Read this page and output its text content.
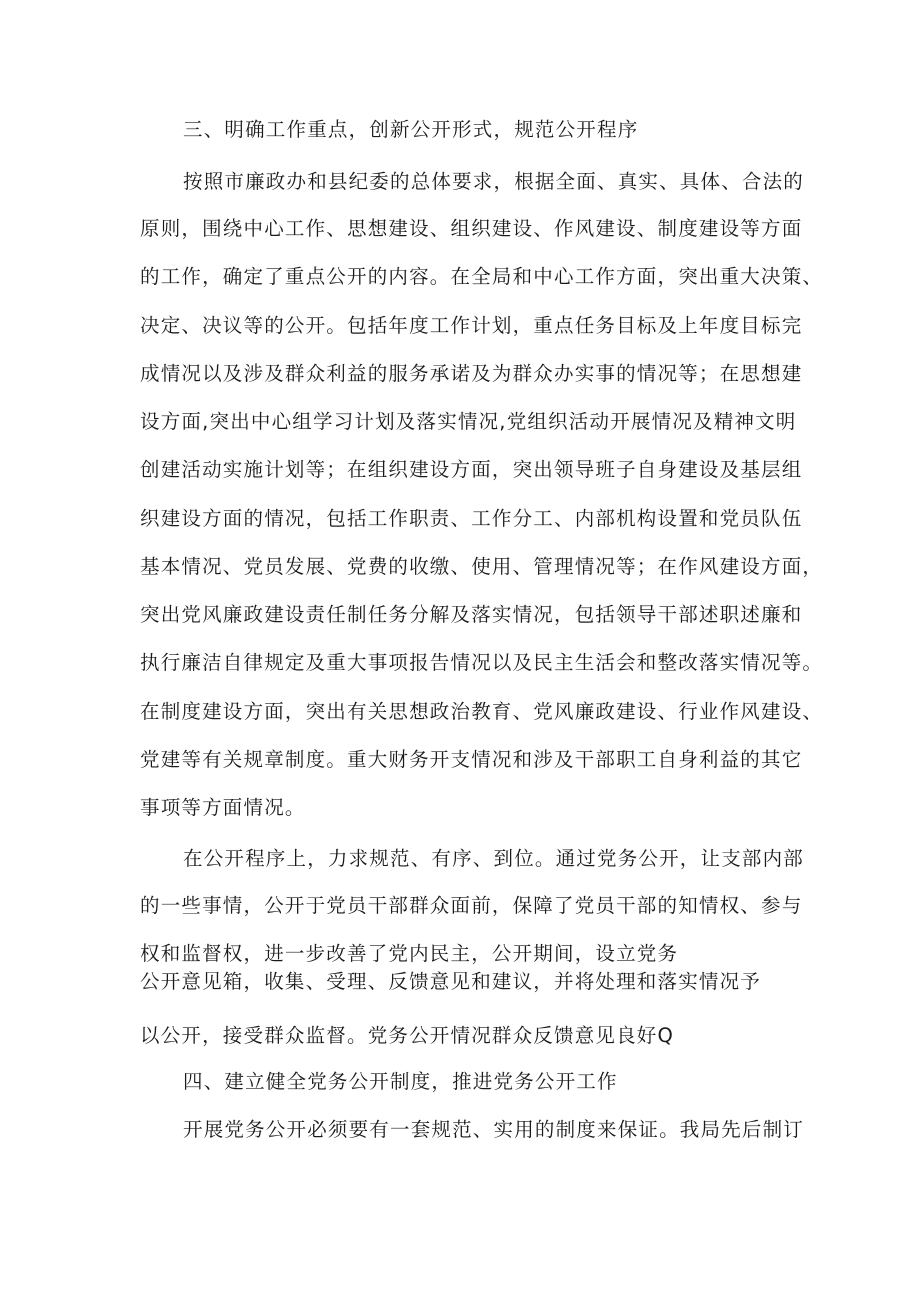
三、明确工作重点，创新公开形式，规范公开程序
按照市廉政办和县纪委的总体要求，根据全面、真实、具体、合法的
原则，围绕中心工作、思想建设、组织建设、作风建设、制度建设等方面
的工作，确定了重点公开的内容。在全局和中心工作方面，突出重大决策、
决定、决议等的公开。包括年度工作计划，重点任务目标及上年度目标完
成情况以及涉及群众利益的服务承诺及为群众办实事的情况等；在思想建
设方面,突出中心组学习计划及落实情况,党组织活动开展情况及精神文明
创建活动实施计划等；在组织建设方面，突出领导班子自身建设及基层组
织建设方面的情况，包括工作职责、工作分工、内部机构设置和党员队伍
基本情况、党员发展、党费的收缴、使用、管理情况等；在作风建设方面，
突出党风廉政建设责任制任务分解及落实情况，包括领导干部述职述廉和
执行廉洁自律规定及重大事项报告情况以及民主生活会和整改落实情况等。
在制度建设方面，突出有关思想政治教育、党风廉政建设、行业作风建设、
党建等有关规章制度。重大财务开支情况和涉及干部职工自身利益的其它
事项等方面情况。
在公开程序上，力求规范、有序、到位。通过党务公开，让支部内部
的一些事情，公开于党员干部群众面前，保障了党员干部的知情权、参与
权和监督权，进一步改善了党内民主，公开期间，设立党务
公开意见箱，收集、受理、反馈意见和建议，并将处理和落实情况予
以公开，接受群众监督。党务公开情况群众反馈意见良好Q
四、建立健全党务公开制度，推进党务公开工作
开展党务公开必须要有一套规范、实用的制度来保证。我局先后制订
